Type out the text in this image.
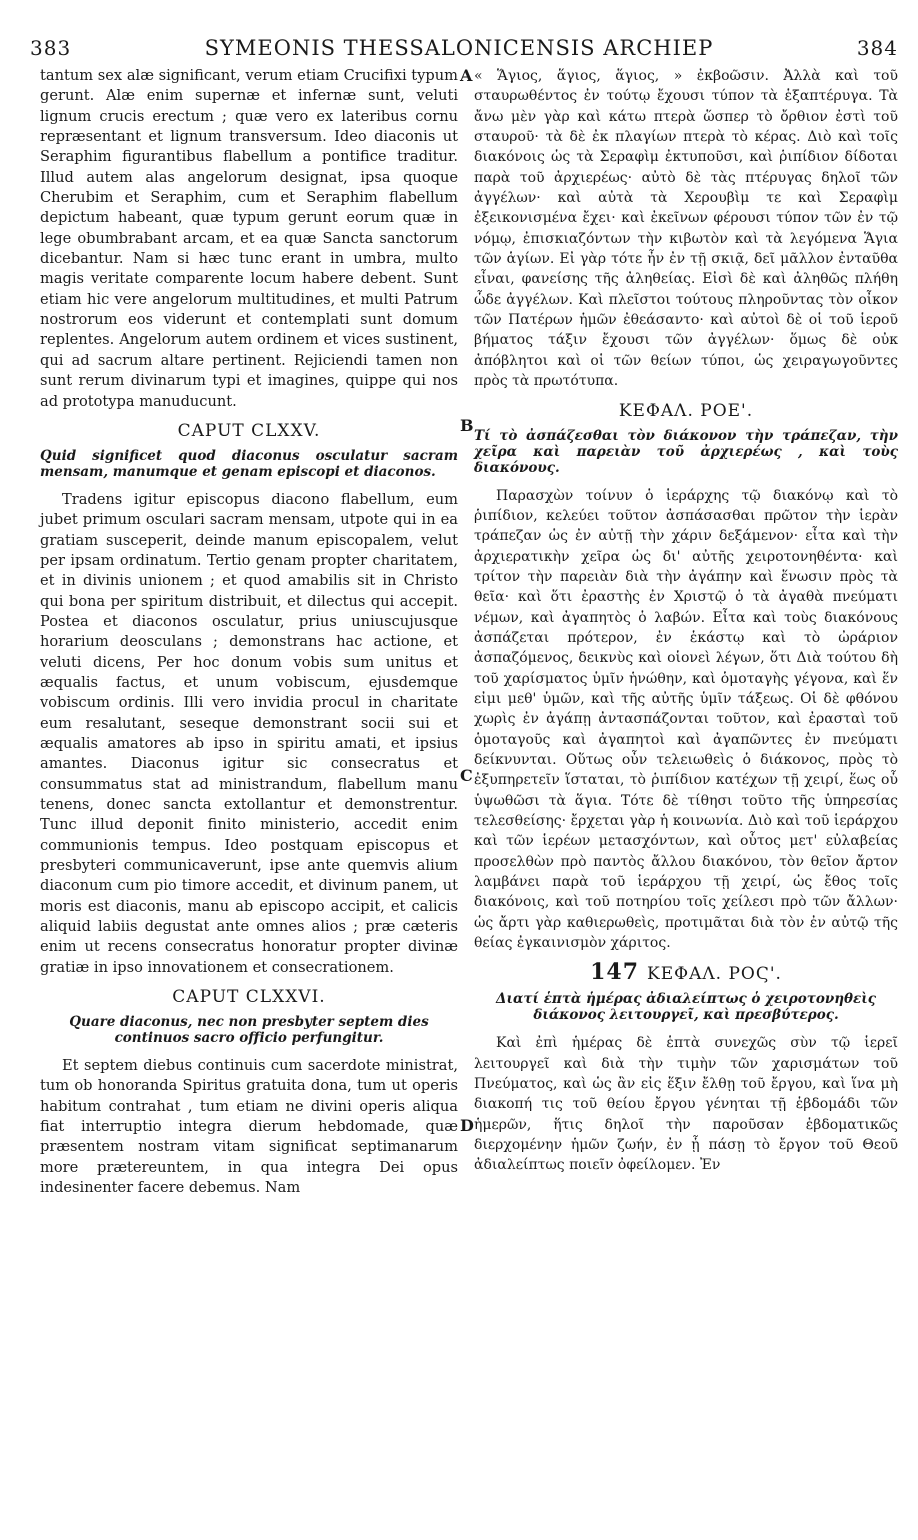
383	SYMEONIS THESSALONICENSIS ARCHIEP	384
A
B
C
D

tantum sex alæ significant, verum etiam Crucifixi typum gerunt. Alæ enim supernæ et infernæ sunt, veluti lignum crucis erectum ; quæ vero ex lateribus cornu repræsentant et lignum transversum. Ideo diaconis ut Seraphim figurantibus flabellum a pontifice traditur. Illud autem alas angelorum designat, ipsa quoque Cherubim et Seraphim, cum et Seraphim flabellum depictum habeant, quæ typum gerunt eorum quæ in lege obumbrabant arcam, et ea quæ Sancta sanctorum dicebantur. Nam si hæc tunc erant in umbra, multo magis veritate comparente locum habere debent. Sunt etiam hic vere angelorum multitudines, et multi Patrum nostrorum eos viderunt et contemplati sunt domum replentes. Angelorum autem ordinem et vices sustinent, qui ad sacrum altare pertinent. Rejiciendi tamen non sunt rerum divinarum typi et imagines, quippe qui nos ad prototypa manuducunt.

CAPUT CLXXV.

Quid significet quod diaconus osculatur sacram mensam, manumque et genam episcopi et diaconos.

Tradens igitur episcopus diacono flabellum, eum jubet primum osculari sacram mensam, utpote qui in ea gratiam susceperit, deinde manum episcopalem, velut per ipsam ordinatum. Tertio genam propter charitatem, et in divinis unionem ; et quod amabilis sit in Christo qui bona per spiritum distribuit, et dilectus qui accepit. Postea et diaconos osculatur, prius uniuscujusque horarium deosculans ; demonstrans hac actione, et veluti dicens, Per hoc donum vobis sum unitus et æqualis factus, et unum vobiscum, ejusdemque vobiscum ordinis. Illi vero invidia procul in charitate eum resalutant, seseque demonstrant socii sui et æqualis amatores ab ipso in spiritu amati, et ipsius amantes. Diaconus igitur sic consecratus et consummatus stat ad ministrandum, flabellum manu tenens, donec sancta extollantur et demonstrentur. Tunc illud deponit finito ministerio, accedit enim communionis tempus. Ideo postquam episcopus et presbyteri communicaverunt, ipse ante quemvis alium diaconum cum pio timore accedit, et divinum panem, ut moris est diaconis, manu ab episcopo accipit, et calicis aliquid labiis degustat ante omnes alios ; præ cæteris enim ut recens consecratus honoratur propter divinæ gratiæ in ipso innovationem et consecrationem.

CAPUT CLXXVI.

Quare diaconus, nec non presbyter septem dies continuos sacro officio perfungitur.

Et septem diebus continuis cum sacerdote ministrat, tum ob honoranda Spiritus gratuita dona, tum ut operis habitum contrahat , tum etiam ne divini operis aliqua fiat interruptio integra dierum hebdomade, quæ præsentem nostram vitam significat septimanarum more prætereuntem, in qua integra Dei opus indesinenter facere debemus. Nam

« Ἅγιος, ἅγιος, ἅγιος, » ἐκβοῶσιν. Ἀλλὰ καὶ τοῦ σταυρωθέντος ἐν τούτῳ ἔχουσι τύπον τὰ ἑξαπτέρυγα. Τὰ ἄνω μὲν γὰρ καὶ κάτω πτερὰ ὥσπερ τὸ ὄρθιον ἐστὶ τοῦ σταυροῦ· τὰ δὲ ἐκ πλαγίων πτερὰ τὸ κέρας. Διὸ καὶ τοῖς διακόνοις ὡς τὰ Σεραφὶμ ἐκτυποῦσι, καὶ ῥιπίδιον δίδοται παρὰ τοῦ ἀρχιερέως· αὐτὸ δὲ τὰς πτέρυγας δηλοῖ τῶν ἀγγέλων· καὶ αὐτὰ τὰ Χερουβὶμ τε καὶ Σεραφὶμ ἐξεικονισμένα ἔχει· καὶ ἐκεῖνων φέρουσι τύπον τῶν ἐν τῷ νόμῳ, ἐπισκιαζόντων τὴν κιβωτὸν καὶ τὰ λεγόμενα Ἅγια τῶν ἁγίων. Εἰ γὰρ τότε ἦν ἐν τῇ σκιᾷ, δεῖ μᾶλλον ἐνταῦθα εἶναι, φανείσης τῆς ἀληθείας. Εἰσὶ δὲ καὶ ἀληθῶς πλήθη ὧδε ἀγγέλων. Καὶ πλεῖστοι τούτους πληροῦντας τὸν οἶκον τῶν Πατέρων ἡμῶν ἐθεάσαντο· καὶ αὐτοὶ δὲ οἱ τοῦ ἱεροῦ βήματος τάξιν ἔχουσι τῶν ἀγγέλων· ὅμως δὲ οὐκ ἀπόβλητοι καὶ οἱ τῶν θείων τύποι, ὡς χειραγωγοῦντες πρὸς τὰ πρωτότυπα.

ΚΕΦΑΛ. ΡΟΕ'.

Τί τὸ ἀσπάζεσθαι τὸν διάκονον τὴν τράπεζαν, τὴν χεῖρα καὶ παρειὰν τοῦ ἀρχιερέως , καὶ τοὺς διακόνους.

Παρασχὼν τοίνυν ὁ ἱεράρχης τῷ διακόνῳ καὶ τὸ ῥιπίδιον, κελεύει τοῦτον ἀσπάσασθαι πρῶτον τὴν ἱερὰν τράπεζαν ὡς ἐν αὐτῇ τὴν χάριν δεξάμενον· εἶτα καὶ τὴν ἀρχιερατικὴν χεῖρα ὡς δι' αὐτῆς χειροτονηθέντα· καὶ τρίτον τὴν παρειὰν διὰ τὴν ἀγάπην καὶ ἕνωσιν πρὸς τὰ θεῖα· καὶ ὅτι ἐραστὴς ἐν Χριστῷ ὁ τὰ ἀγαθὰ πνεύματι νέμων, καὶ ἀγαπητὸς ὁ λαβών. Εἶτα καὶ τοὺς διακόνους ἀσπάζεται πρότερον, ἐν ἑκάστῳ καὶ τὸ ὠράριον ἀσπαζόμενος, δεικνὺς καὶ οἱονεὶ λέγων, ὅτι Διὰ τούτου δὴ τοῦ χαρίσματος ὑμῖν ἡνώθην, καὶ ὁμοταγὴς γέγονα, καὶ ἕν εἰμι μεθ' ὑμῶν, καὶ τῆς αὐτῆς ὑμῖν τάξεως. Οἱ δὲ φθόνου χωρὶς ἐν ἀγάπῃ ἀντασπάζονται τοῦτον, καὶ ἐρασταὶ τοῦ ὁμοταγοῦς καὶ ἀγαπητοὶ καὶ ἀγαπῶντες ἐν πνεύματι δείκνυνται. Οὕτως οὖν τελειωθεὶς ὁ διάκονος, πρὸς τὸ ἐξυπηρετεῖν ἵσταται, τὸ ῥιπίδιον κατέχων τῇ χειρί, ἕως οὗ ὑψωθῶσι τὰ ἅγια. Τότε δὲ τίθησι τοῦτο τῆς ὑπηρεσίας τελεσθείσης· ἔρχεται γὰρ ἡ κοινωνία. Διὸ καὶ τοῦ ἱεράρχου καὶ τῶν ἱερέων μετασχόντων, καὶ οὗτος μετ' εὐλαβείας προσελθὼν πρὸ παντὸς ἄλλου διακόνου, τὸν θεῖον ἄρτον λαμβάνει παρὰ τοῦ ἱεράρχου τῇ χειρί, ὡς ἔθος τοῖς διακόνοις, καὶ τοῦ ποτηρίου τοῖς χείλεσι πρὸ τῶν ἄλλων· ὡς ἄρτι γὰρ καθιερωθεὶς, προτιμᾶται διὰ τὸν ἐν αὐτῷ τῆς θείας ἐγκαινισμὸν χάριτος.

147 ΚΕΦΑΛ. ΡΟϚ'.

Διατί ἑπτὰ ἡμέρας ἀδιαλείπτως ὁ χειροτονηθεὶς διάκονος λειτουργεῖ, καὶ πρεσβύτερος.

Καὶ ἐπὶ ἡμέρας δὲ ἑπτὰ συνεχῶς σὺν τῷ ἱερεῖ λειτουργεῖ καὶ διὰ τὴν τιμὴν τῶν χαρισμάτων τοῦ Πνεύματος, καὶ ὡς ἂν εἰς ἕξιν ἔλθῃ τοῦ ἔργου, καὶ ἵνα μὴ διακοπή τις τοῦ θείου ἔργου γένηται τῇ ἑβδομάδι τῶν ἡμερῶν, ἥτις δηλοῖ τὴν παροῦσαν ἑβδοματικῶς διερχομένην ἡμῶν ζωήν, ἐν ᾗ πάσῃ τὸ ἔργον τοῦ Θεοῦ ἀδιαλείπτως ποιεῖν ὀφείλομεν. Ἐν
